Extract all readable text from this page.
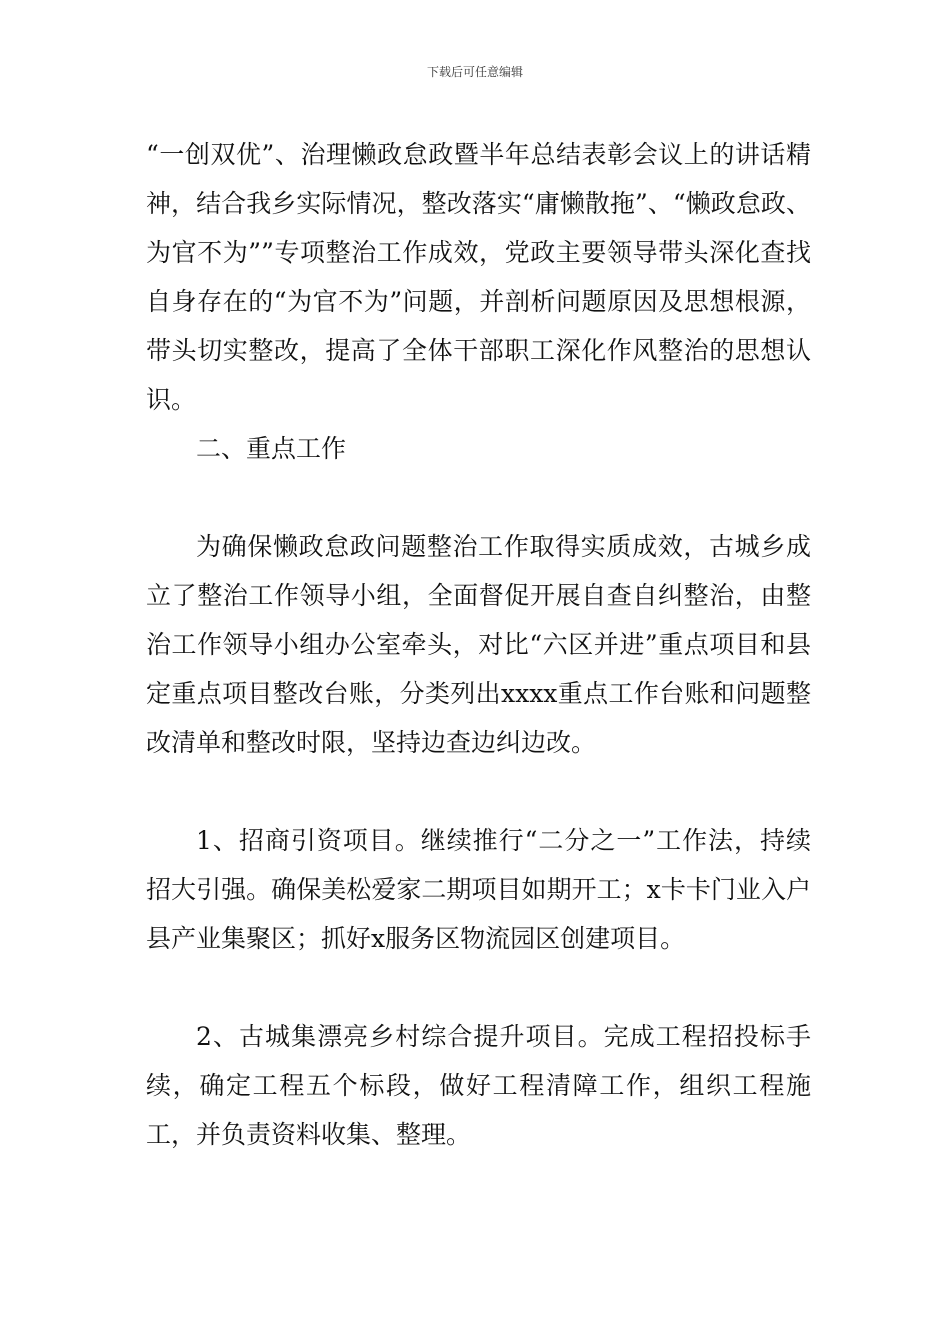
下载后可任意编辑

“一创双优”、治理懒政怠政暨半年总结表彰会议上的讲话精神，结合我乡实际情况，整改落实“庸懒散拖”、“懒政怠政、为官不为””专项整治工作成效，党政主要领导带头深化查找自身存在的“为官不为”问题，并剖析问题原因及思想根源，带头切实整改，提高了全体干部职工深化作风整治的思想认识。

二、重点工作

为确保懒政怠政问题整治工作取得实质成效，古城乡成立了整治工作领导小组，全面督促开展自查自纠整治，由整治工作领导小组办公室牵头，对比“六区并进”重点项目和县定重点项目整改台账，分类列出xxxx重点工作台账和问题整改清单和整改时限，坚持边查边纠边改。

1、招商引资项目。继续推行“二分之一”工作法，持续招大引强。确保美松爱家二期项目如期开工；x卡卡门业入户县产业集聚区；抓好x服务区物流园区创建项目。

2、古城集漂亮乡村综合提升项目。完成工程招投标手续，确定工程五个标段，做好工程清障工作，组织工程施工，并负责资料收集、整理。
